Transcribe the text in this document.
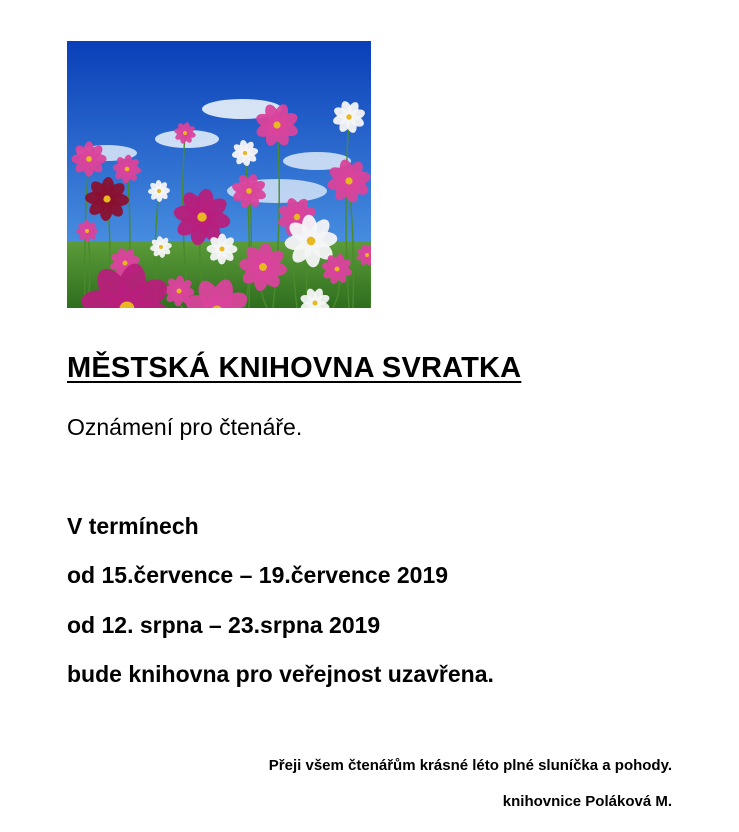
MĚSTSKÁ KNIHOVNA SVRATKA

Oznámení pro čtenáře.

V termínech

od 15.července – 19.července 2019

od 12. srpna – 23.srpna 2019

bude knihovna pro veřejnost uzavřena.

Přeji všem čtenářům krásné léto plné sluníčka a pohody.

knihovnice Poláková M.
